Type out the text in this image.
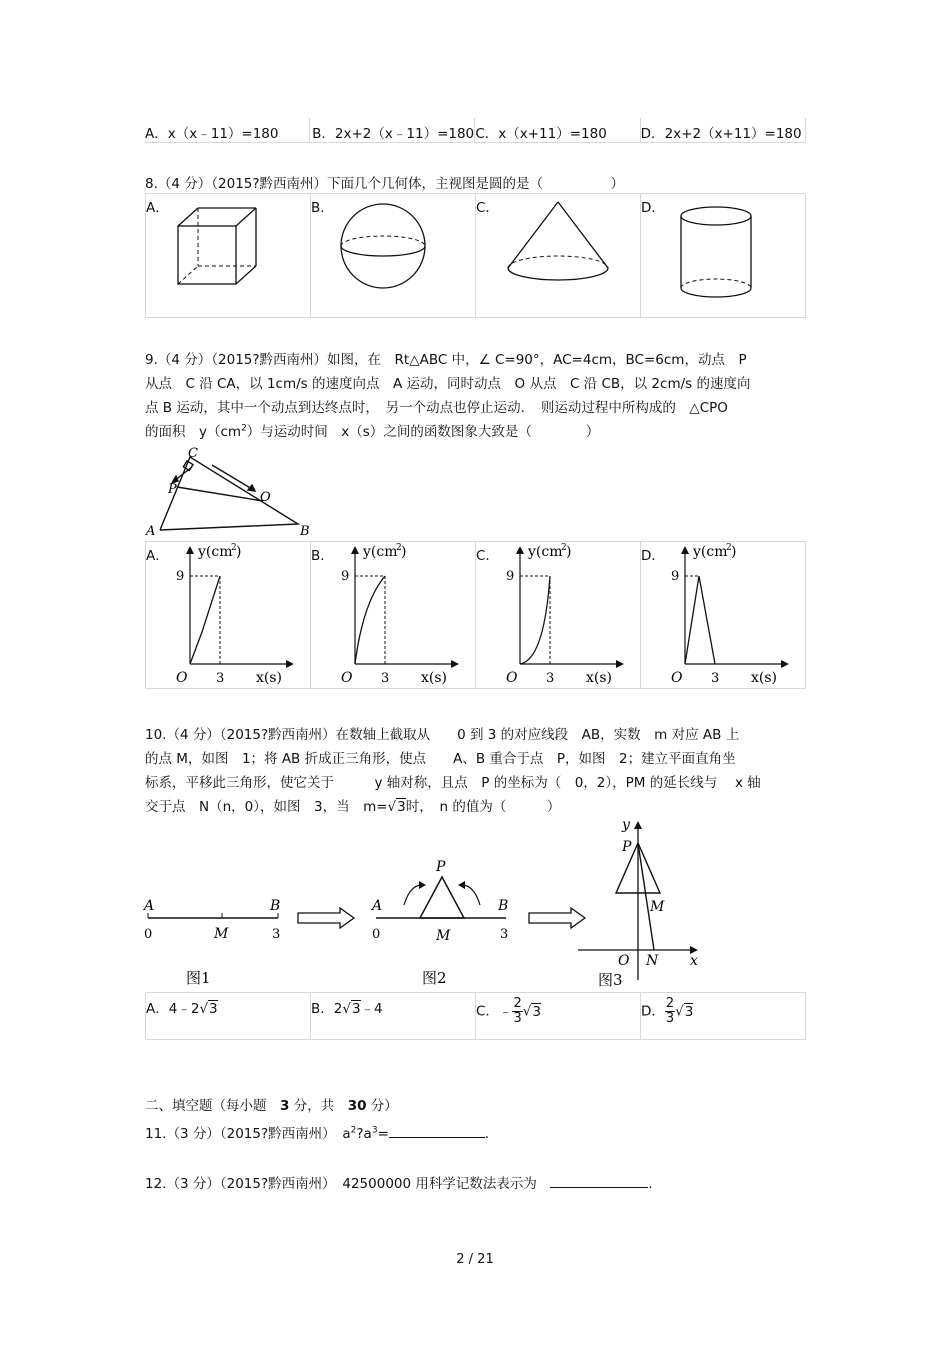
A．x（x﹣11）=180	B．2x+2（x﹣11）=180	C．x（x+11）=180	D．2x+2（x+11）=180
8.（4 分）（2015?黔西南州）下面几个几何体，主视图是圆的是（　　　　　）
A．	B．	C．	D．
9.（4 分）（2015?黔西南州）如图，在　Rt△ABC 中，∠ C=90°，AC=4cm，BC=6cm，动点　P
从点　C 沿 CA，以 1cm/s 的速度向点　A 运动，同时动点　O 从点　C 沿 CB，以 2cm/s 的速度向
点 B 运动，其中一个动点到达终点时，　另一个动点也停止运动．　则运动过程中所构成的　△CPO
的面积　$y(cm^2)$与运动时间　x（s）之间的函数图象大致是（　　　　）
C
P
O
A	B
A． y(cm
2 )
9
3
O	x(s)

B． y(cm
2 )
9
3
O	x(s)

C． y(cm
2 )
9
3
O	x(s)

D． y(cm
2 )
9
3
O	x(s)
10.（4 分）（2015?黔西南州）在数轴上截取从　　0 到 3 的对应线段　AB，实数　m 对应 AB 上
的点 M，如图　1；将 AB 折成正三角形，使点　　A、B 重合于点　P，如图　2；建立平面直角坐
标系，平移此三角形，使它关于　　　y 轴对称，且点　P 的坐标为（　0，2），PM 的延长线与　 x 轴
交于点　N（n，0），如图　3，当　m=√3时，　n 的值为（　　　）
A	B
0	M	3
图1
P
A	B
0	M	3
图2
y
P
M
O N x
图3
A．4﹣2√3	B．2√3﹣4	C．﹣ $\frac{2}{3} √3$	D． $\frac{2}{3} √3$
二、填空题（每小题　3 分，共　30 分）
11.（3 分）（2015?黔西南州）　$a^2?a^3=$	．
12.（3 分）（2015?黔西南州）　42500000 用科学记数法表示为　	．
2 / 21
